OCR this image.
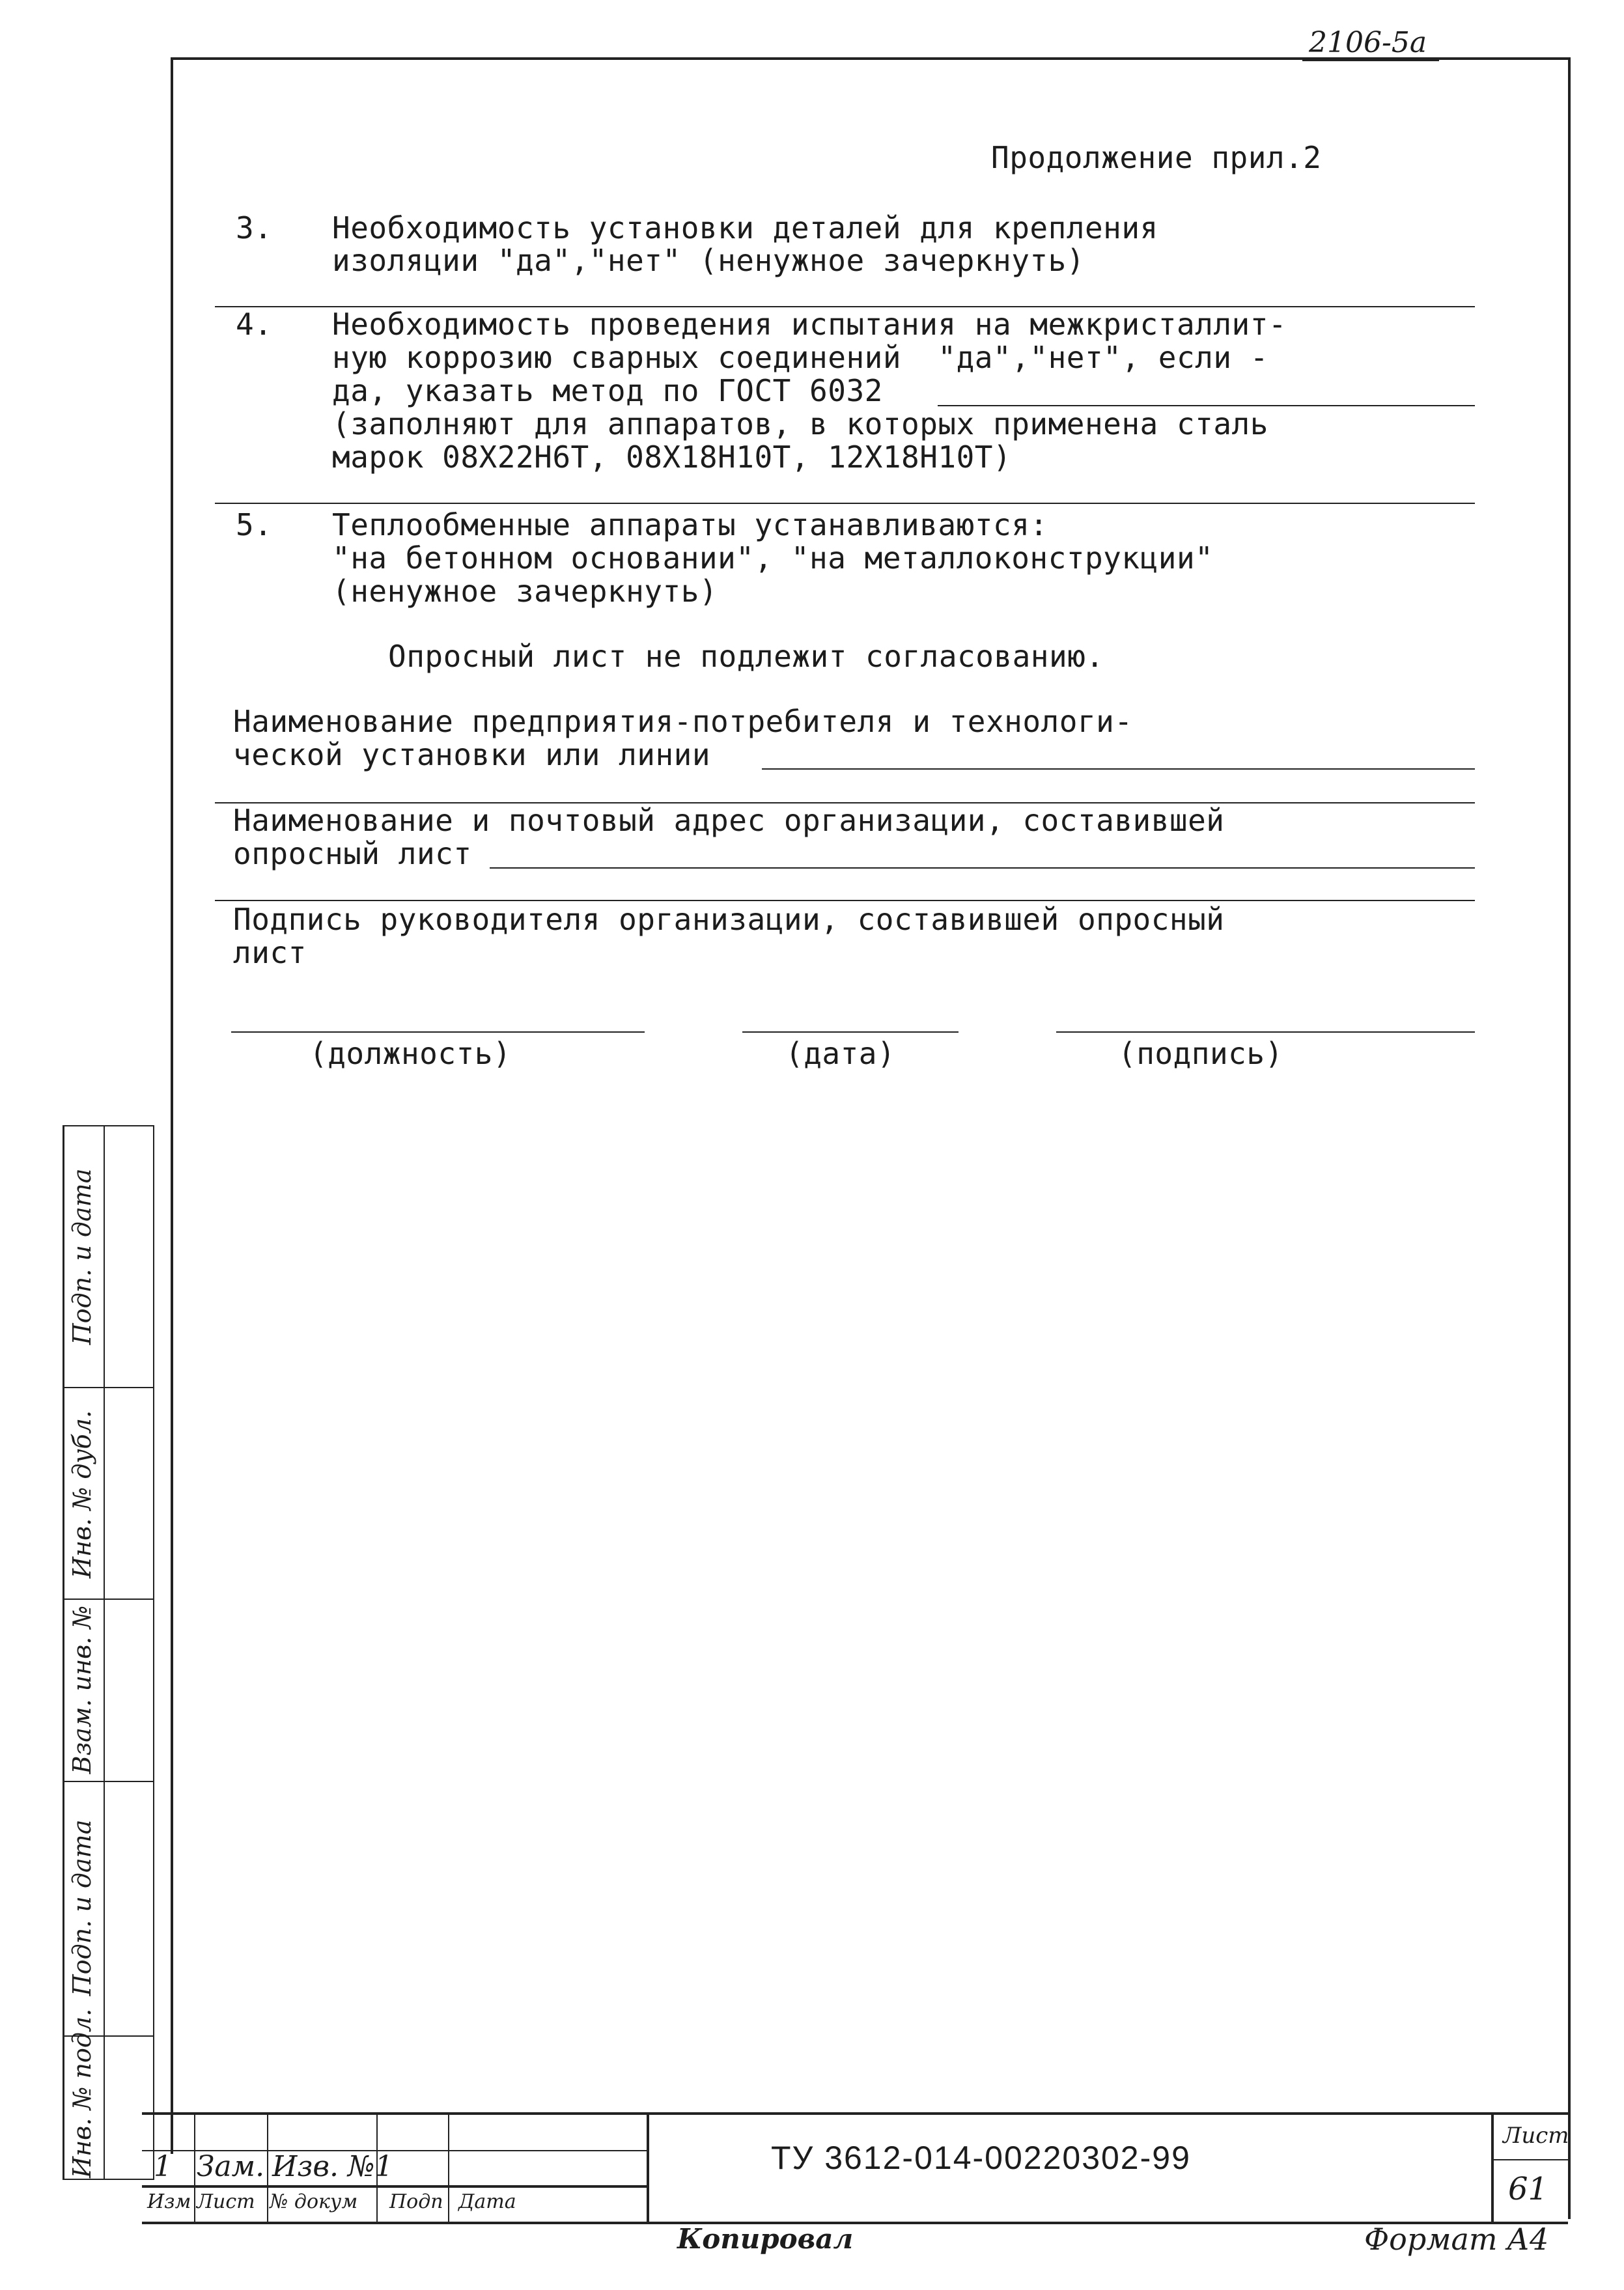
2106-5a
Продолжение прил.2
3. Необходимость установки деталей для крепления
изоляции "да","нет" (ненужное зачеркнуть)
4. Необходимость проведения испытания на межкристаллит-
ную коррозию сварных соединений  "да","нет", если -
да, указать метод по ГОСТ 6032
(заполняют для аппаратов, в которых применена сталь
марок 08Х22Н6Т, 08Х18Н10Т, 12Х18Н10Т)
5. Теплообменные аппараты устанавливаются:
"на бетонном основании", "на металлоконструкции"
(ненужное зачеркнуть)
Опросный лист не подлежит согласованию.
Наименование предприятия-потребителя и технологи-
ческой установки или линии
Наименование и почтовый адрес организации, составившей
опросный лист
Подпись руководителя организации, составившей опросный
лист
(должность)	(дата)	(подпись)
Подп. и дата
Инв. № дубл.
Взам. инв. №
Подп. и дата
Инв. № подл. 1 Зам. Изв. №1
Изм Лист № докум Подп Дата
ТУ 3612-014-00220302-99
Лист
61
Копировал	Формат А4
